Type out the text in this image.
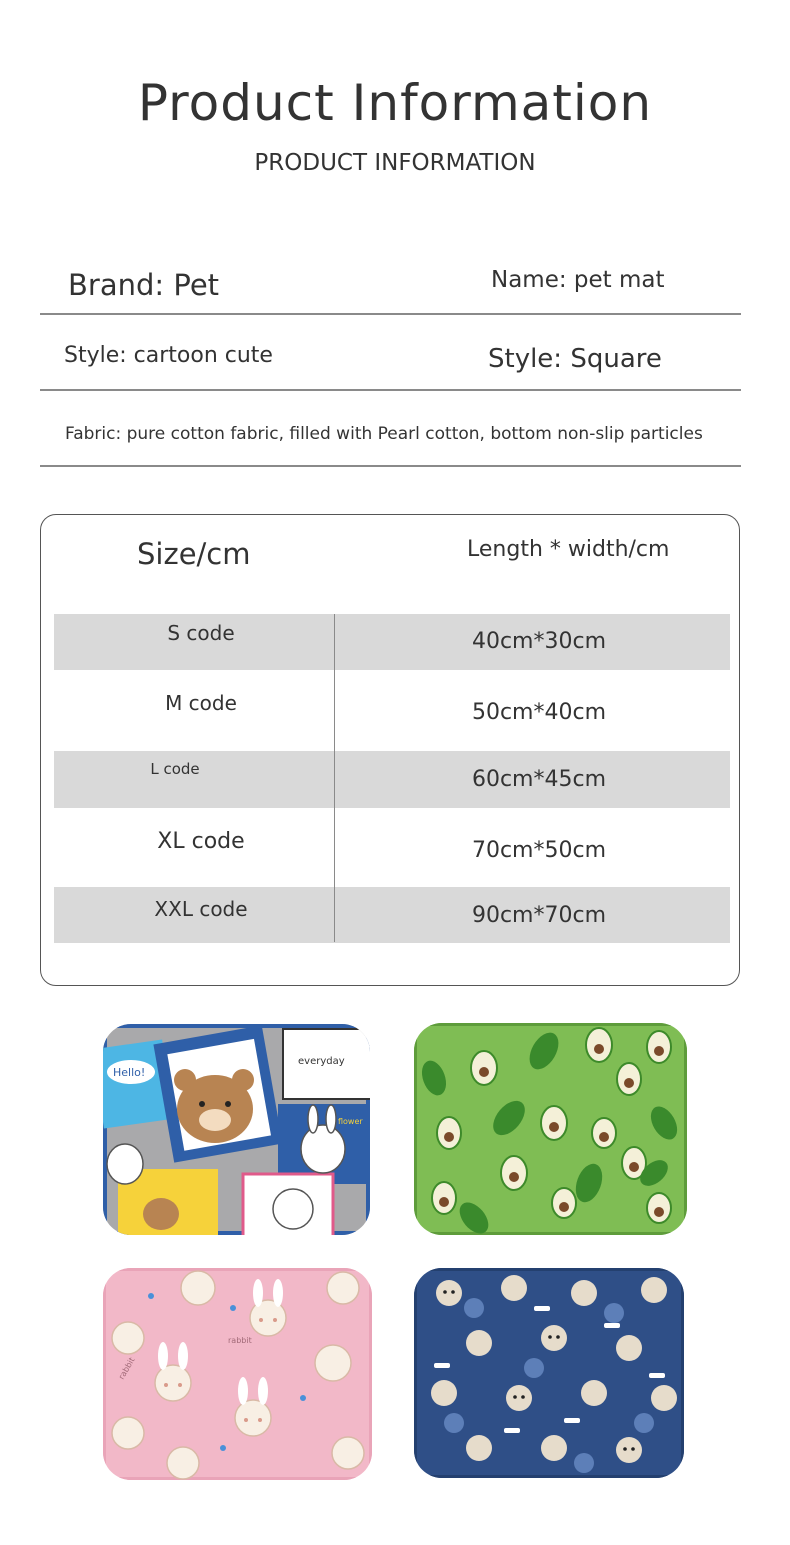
Product Information
PRODUCT INFORMATION
Brand: Pet	Name: pet mat
Style: cartoon cute	Style: Square
Fabric: pure cotton fabric, filled with Pearl cotton, bottom non-slip particles
Size/cm	Length * width/cm
S code	40cm*30cm
M code	50cm*40cm
L code	60cm*45cm
XL code	70cm*50cm
XXL code	90cm*70cm
Hello!
everyday
flower
rabbit
rabbit
